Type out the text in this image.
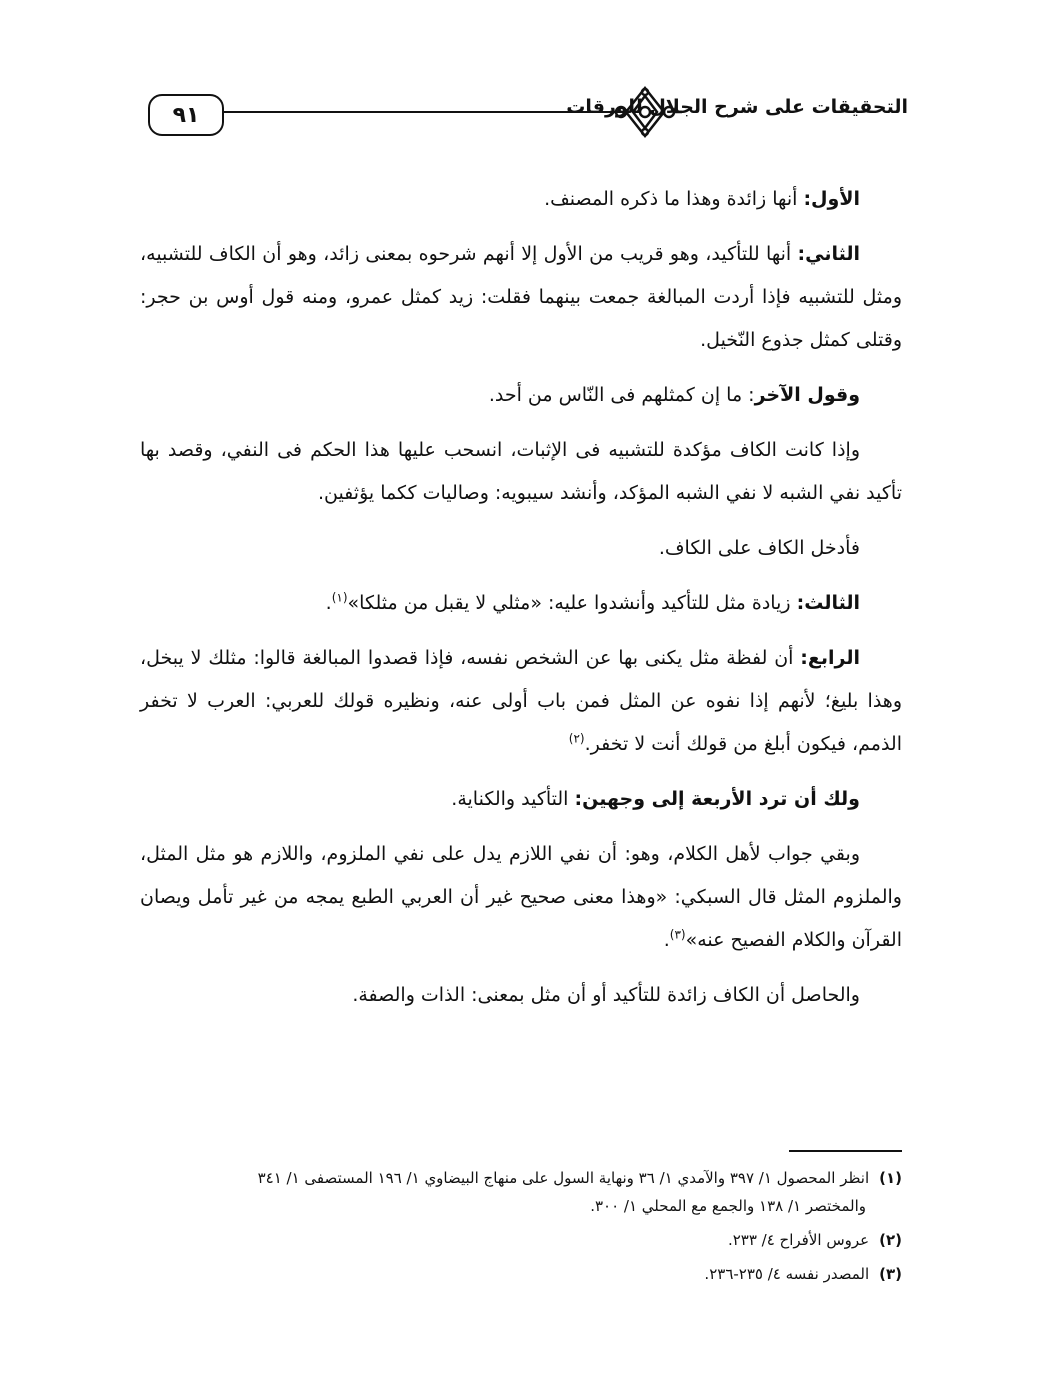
٩١	التحقيقات على شرح الجلال للورقات

الأول: أنها زائدة وهذا ما ذكره المصنف.

الثاني: أنها للتأكيد، وهو قريب من الأول إلا أنهم شرحوه بمعنى زائد، وهو أن الكاف للتشبيه، ومثل للتشبيه فإذا أردت المبالغة جمعت بينهما فقلت: زيد كمثل عمرو، ومنه قول أوس بن حجر: وقتلى كمثل جذوع النّخيل.

وقول الآخر: ما إن كمثلهم فى النّاس من أحد.

وإذا كانت الكاف مؤكدة للتشبيه فى الإثبات، انسحب عليها هذا الحكم فى النفي، وقصد بها تأكيد نفي الشبه لا نفي الشبه المؤكد، وأنشد سيبويه: وصاليات ككما يؤثفين.

فأدخل الكاف على الكاف.

الثالث: زيادة مثل للتأكيد وأنشدوا عليه: «مثلي لا يقبل من مثلكا»$^{(١)}$.

الرابع: أن لفظة مثل يكنى بها عن الشخص نفسه، فإذا قصدوا المبالغة قالوا: مثلك لا يبخل، وهذا بليغ؛ لأنهم إذا نفوه عن المثل فمن باب أولى عنه، ونظيره قولك للعربي: العرب لا تخفر الذمم، فيكون أبلغ من قولك أنت لا تخفر.$^{(٢)}$

ولك أن ترد الأربعة إلى وجهين: التأكيد والكناية.

وبقي جواب لأهل الكلام، وهو: أن نفي اللازم يدل على نفي الملزوم، واللازم هو مثل المثل، والملزوم المثل قال السبكي: «وهذا معنى صحيح غير أن العربي الطبع يمجه من غير تأمل ويصان القرآن والكلام الفصيح عنه»$^{(٣)}$.

والحاصل أن الكاف زائدة للتأكيد أو أن مثل بمعنى: الذات والصفة.

(١)انظر المحصول ١/ ٣٩٧ والآمدي ١/ ٣٦ ونهاية السول على منهاج البيضاوي ١/ ١٩٦ المستصفى ١/ ٣٤١
والمختصر ١/ ١٣٨ والجمع مع المحلي ١/ ٣٠٠.
(٢)عروس الأفراح ٤/ ٢٣٣.
(٣)المصدر نفسه ٤/ ٢٣٥-٢٣٦.
